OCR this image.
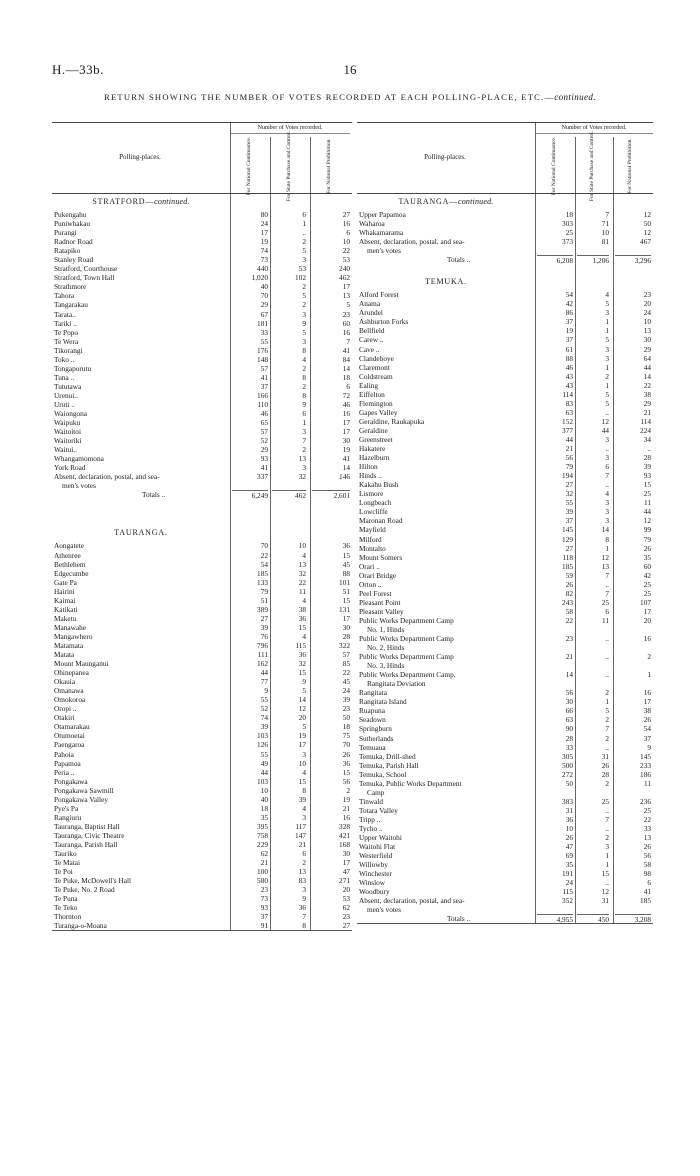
H.—33b.	16
RETURN SHOWING THE NUMBER OF VOTES RECORDED AT EACH POLLING-PLACE, ETC.—continued.
Polling-places.
Number of Votes recorded.
For National Continuance.	For State Purchase and Control.	For National Prohibition.
STRATFORD—continued.
Pukengahu	80	6	27
Puniwhakau	24	1	16
Purangi	17	..	6
Radnor Road	19	2	10
Ratapiko	74	5	22
Stanley Road	73	3	53
Stratford, Courthouse	440	53	240
Stratford, Town Hall	1,020	102	462
Strathmore	40	2	17
Tahora	70	5	13
Tangarakau	29	2	5
Tarata..	67	3	23
Tariki ..	181	9	60
Te Popo	33	5	16
Te Wera	55	3	7
Tikorangi	176	8	41
Toko ..	148	4	84
Tongaporutu	57	2	14
Tuna ..	41	8	18
Tututawa	37	2	6
Urenui..	166	8	72
Uruti ..	110	9	46
Waiongona	46	6	16
Waipuku	65	1	17
Waitoitoi	57	3	17
Waitoriki	52	7	30
Waitui..	29	2	19
Whangamomona	93	13	41
York Road	41	3	14
Absent, declaration, postal, and sea-	337	32	146
men's votes
Totals ..	6,249	462	2,601
TAURANGA.
Aongatete	70	10	36
Athenree	22	4	15
Bethlehem	54	13	45
Edgecumbe	185	32	88
Gate Pa	133	22	101
Hairini	79	11	51
Kaimai	51	4	15
Katikati	389	38	131
Maketu	27	36	17
Manawahe	39	15	30
Mangawhero	76	4	28
Matamata	796	115	322
Matata	111	36	57
Mount Maunganui	162	32	85
Ohinepanea	44	15	22
Okauia	77	9	45
Omanawa	9	5	24
Omokoroa	55	14	39
Oropi ..	52	12	23
Otakiri	74	20	50
Otamarakau	39	5	18
Otumoetai	103	19	75
Paengaroa	126	17	70
Pahoia	55	3	26
Papamoa	49	10	36
Peria ..	44	4	15
Pongakawa	103	15	56
Pongakawa Sawmill	10	8	2
Pongakawa Valley	40	39	19
Pye's Pa	18	4	21
Rangiuru	35	3	16
Tauranga, Baptist Hall	395	117	328
Tauranga, Civic Theatre	758	147	421
Tauranga, Parish Hall	229	21	168
Tauriko	62	6	30
Te Matai	21	2	17
Te Poi	100	13	47
Te Puke, McDowell's Hall	580	83	271
Te Puke, No. 2 Road	23	3	20
Te Puna	73	9	53
Te Teko	93	36	62
Thornton	37	7	23
Turanga-o-Moana	91	8	27
Polling-places.
Number of Votes recorded.
For National Continuance.	For State Purchase and Control.	For National Prohibition.
TAURANGA—continued.
Upper Papamoa	18	7	12
Waharoa	303	71	50
Whakamarama	25	10	12
Absent, declaration, postal, and sea-	373	81	467
men's votes
Totals ..	6,208	1,206	3,296
TEMUKA.
Alford Forest	54	4	23
Anama	42	5	20
Arundel	86	3	24
Ashburton Forks	37	1	10
Bellfield	19	1	13
Carew ..	37	5	30
Cave ..	61	3	29
Clandeboye	88	3	64
Claremont	46	1	44
Coldstream	43	2	14
Ealing	43	1	22
Eiffelton	114	5	38
Flemington	83	5	29
Gapes Valley	63	..	21
Geraldine, Raukapuka	152	12	114
Geraldine	377	44	224
Greenstreet	44	3	34
Hakatere	21	..	..
Hazelburn	56	3	28
Hilton	79	6	39
Hinds ..	194	7	93
Kakahu Bush	27	..	15
Lismore	32	4	25
Longbeach	55	3	11
Lowcliffe	39	3	44
Maronan Road	37	3	12
Mayfield	145	14	99
Milford	129	8	79
Montalto	27	1	26
Mount Somers	118	12	35
Orari ..	185	13	60
Orari Bridge	59	7	42
Orton ..	26	..	25
Peel Forest	82	7	25
Pleasant Point	243	25	107
Pleasant Valley	58	6	17
Public Works Department Camp	22	11	20
No. 1, Hinds
Public Works Department Camp	23	..	16
No. 2, Hinds
Public Works Department Camp	21	..	2
No. 3, Hinds
Public Works Department Camp,	14	..	1
Rangitata Deviation
Rangitata	56	2	16
Rangitata Island	30	1	17
Ruapuna	66	5	38
Seadown	63	2	26
Springburn	90	7	54
Sutherlands	28	2	37
Temuaua	33	..	9
Temuka, Drill-shed	305	31	145
Temuka, Parish Hall	500	26	233
Temuka, School	272	28	186
Temuka, Public Works Department	50	2	11
Camp
Tinwald	383	25	236
Totara Valley	31	..	25
Tripp ..	36	7	22
Tycho ..	10	..	33
Upper Waitohi	26	2	13
Waitohi Flat	47	3	26
Westerfield	69	1	56
Willowby	35	1	58
Winchester	191	15	98
Winslow	24	..	6
Woodbury	115	12	41
Absent, declaration, postal, and sea-	352	31	185
men's votes
Totals ..	4,955	450	3,208
